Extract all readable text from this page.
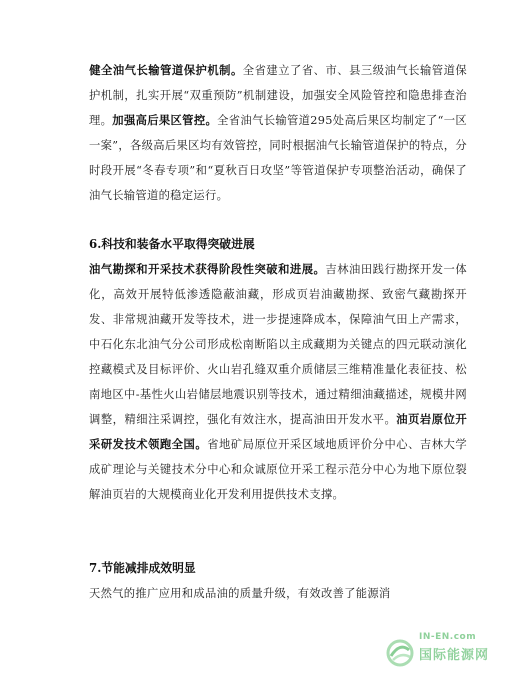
健全油气长输管道保护机制。全省建立了省、市、县三级油气长输管道保护机制，扎实开展“双重预防”机制建设，加强安全风险管控和隐患排查治理。加强高后果区管控。全省油气长输管道295处高后果区均制定了“一区一案”，各级高后果区均有效管控，同时根据油气长输管道保护的特点，分时段开展“冬春专项”和“夏秋百日攻坚”等管道保护专项整治活动，确保了油气长输管道的稳定运行。

6.科技和装备水平取得突破进展

油气勘探和开采技术获得阶段性突破和进展。吉林油田践行勘探开发一体化，高效开展特低渗透隐蔽油藏，形成页岩油藏勘探、致密气藏勘探开发、非常规油藏开发等技术，进一步提速降成本，保障油气田上产需求，中石化东北油气分公司形成松南断陷以主成藏期为关键点的四元联动演化控藏模式及目标评价、火山岩孔缝双重介质储层三维精准量化表征技、松南地区中-基性火山岩储层地震识别等技术，通过精细油藏描述，规模井网调整，精细注采调控，强化有效注水，提高油田开发水平。油页岩原位开采研发技术领跑全国。省地矿局原位开采区域地质评价分中心、吉林大学成矿理论与关键技术分中心和众诚原位开采工程示范分中心为地下原位裂解油页岩的大规模商业化开发利用提供技术支撑。

7.节能减排成效明显

天然气的推广应用和成品油的质量升级，有效改善了能源消

IN-EN.com
国际能源网
